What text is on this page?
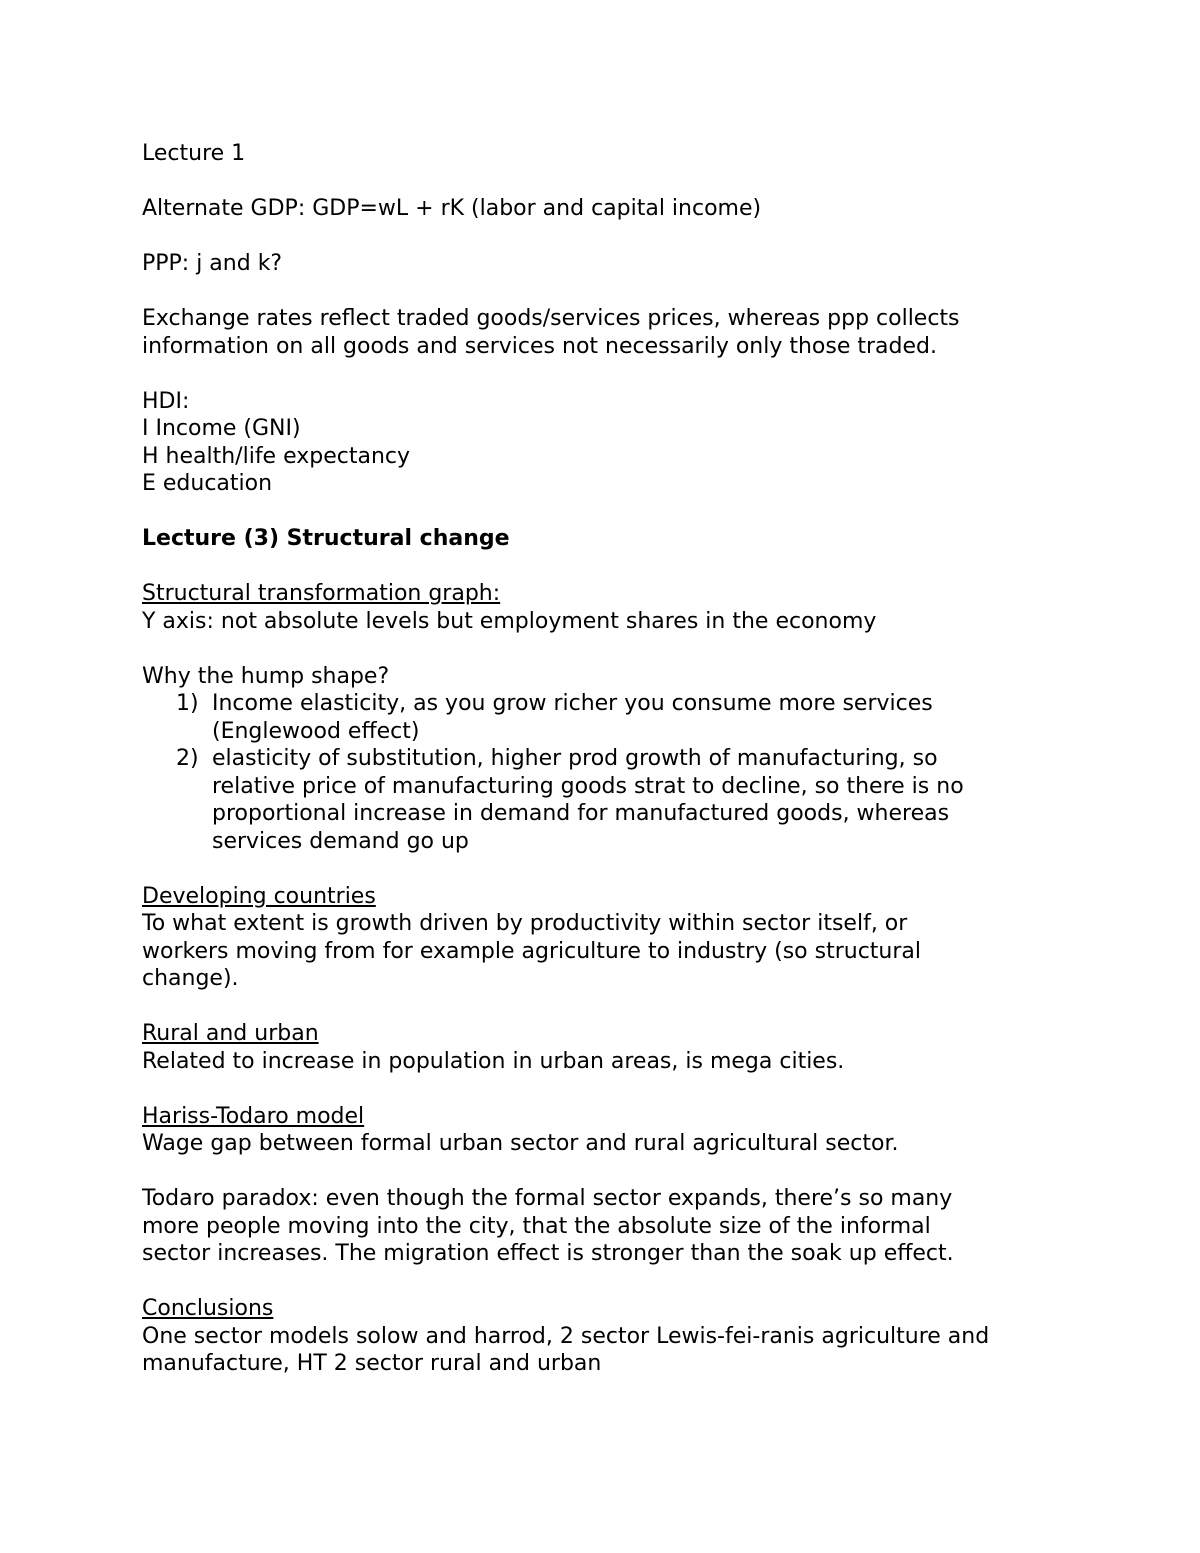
Lecture 1

Alternate GDP: GDP=wL + rK (labor and capital income)

PPP: j and k?

Exchange rates reflect traded goods/services prices, whereas ppp collects

information on all goods and services not necessarily only those traded.

HDI:

I Income (GNI)

H health/life expectancy

E education

Lecture (3) Structural change

Structural transformation graph:

Y axis: not absolute levels but employment shares in the economy

Why the hump shape?

1) Income elasticity, as you grow richer you consume more services

(Englewood effect)

2) elasticity of substitution, higher prod growth of manufacturing, so

relative price of manufacturing goods strat to decline, so there is no

proportional increase in demand for manufactured goods, whereas

services demand go up

Developing countries

To what extent is growth driven by productivity within sector itself, or

workers moving from for example agriculture to industry (so structural

change).

Rural and urban

Related to increase in population in urban areas, is mega cities.

Hariss-Todaro model

Wage gap between formal urban sector and rural agricultural sector.

Todaro paradox: even though the formal sector expands, there’s so many

more people moving into the city, that the absolute size of the informal

sector increases. The migration effect is stronger than the soak up effect.

Conclusions

One sector models solow and harrod, 2 sector Lewis-fei-ranis agriculture and

manufacture, HT 2 sector rural and urban
